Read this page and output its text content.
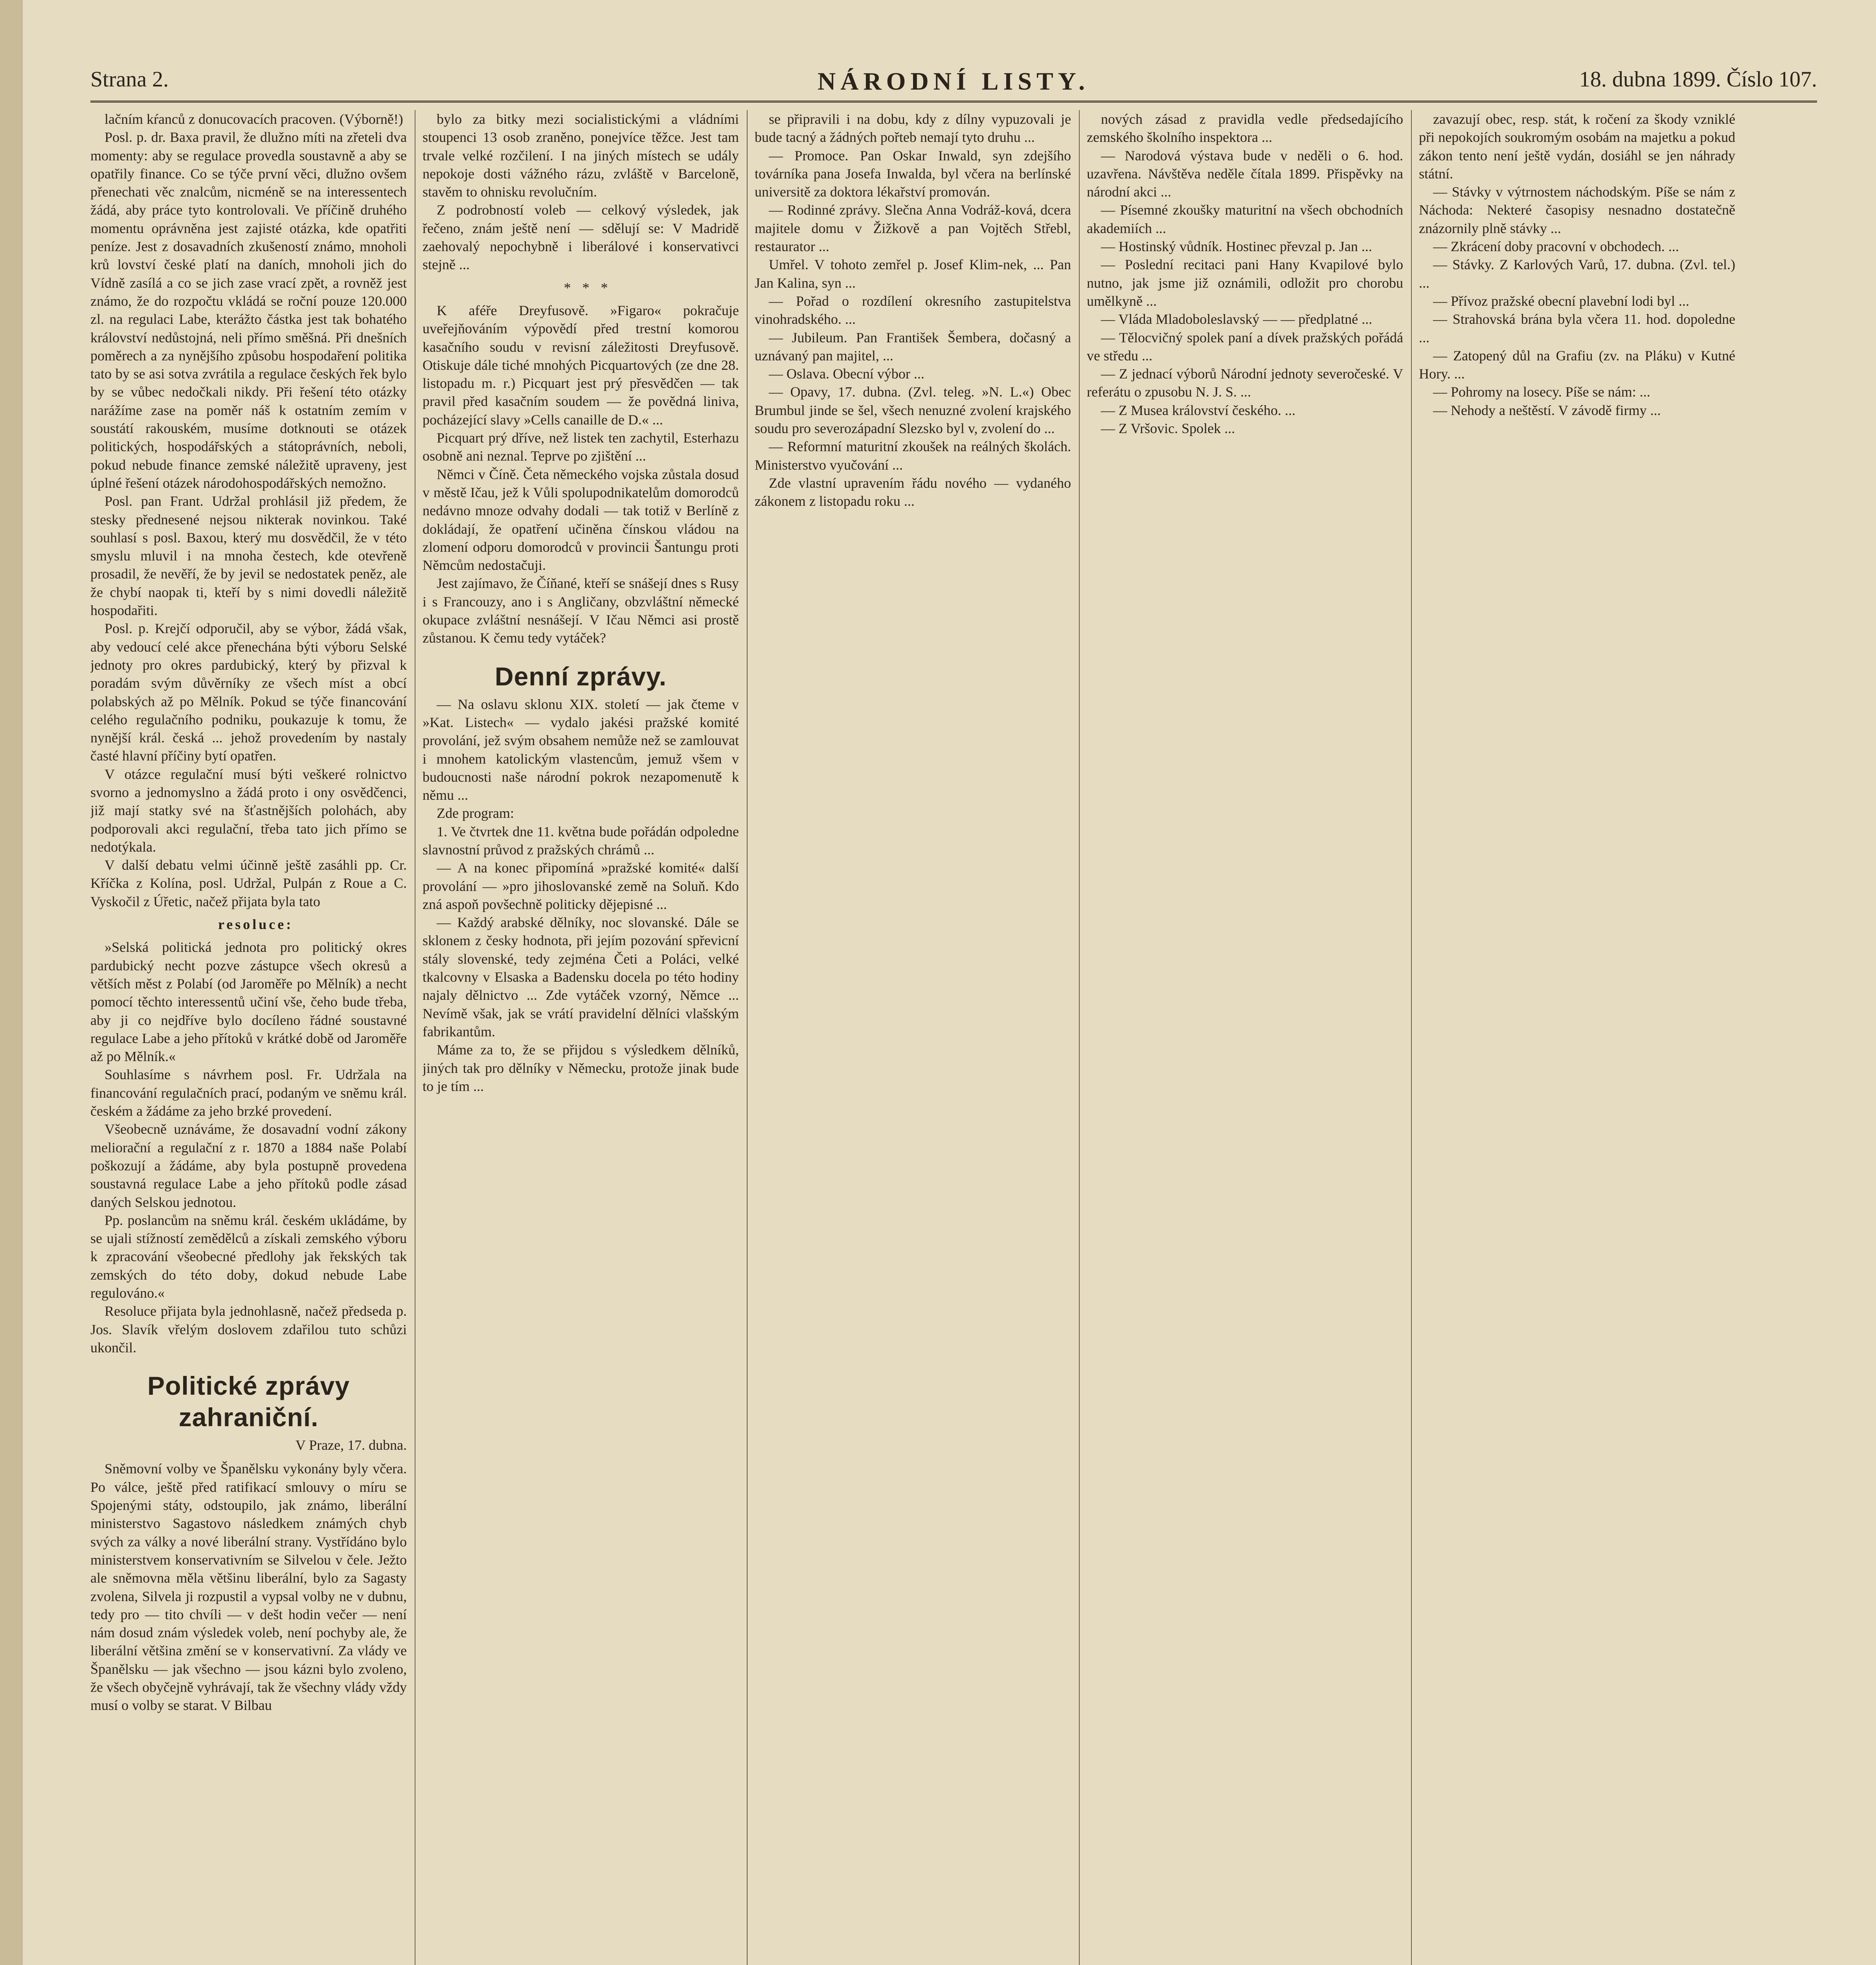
Strana 2.	NÁRODNÍ LISTY.	18. dubna 1899. Číslo 107.

lačním kŕanců z donucovacích pracoven. (Výborně!)

Posl. p. dr. Baxa pravil, že dlužno míti na zřeteli dva momenty: aby se regulace provedla soustavně a aby se opatřily finance. Co se týče první věci, dlužno ovšem přenechati věc znalcům, nicméně se na interessentech žádá, aby práce tyto kontrolovali. Ve příčině druhého momentu oprávněna jest zajisté otázka, kde opatřiti peníze. Jest z dosavadních zkušeností známo, mnoholi krů lovství české platí na daních, mnoholi jich do Vídně zasílá a co se jich zase vrací zpět, a rovněž jest známo, že do rozpočtu vkládá se roční pouze 120.000 zl. na regulaci Labe, kterážto částka jest tak bohatého království nedůstojná, neli přímo směšná. Při dnešních poměrech a za nynějšího způsobu hospodaření politika tato by se asi sotva zvrátila a regulace českých řek bylo by se vůbec nedočkali nikdy. Při řešení této otázky narážíme zase na poměr náš k ostatním zemím v soustátí rakouském, musíme dotknouti se otázek politických, hospodářských a státoprávních, neboli, pokud nebude finance zemské náležitě upraveny, jest úplné řešení otázek národohospodářských nemožno.

Posl. pan Frant. Udržal prohlásil již předem, že stesky přednesené nejsou nikterak novinkou. Také souhlasí s posl. Baxou, který mu dosvědčil, že v této smyslu mluvil i na mnoha čestech, kde otevřeně prosadil, že nevěří, že by jevil se nedostatek peněz, ale že chybí naopak ti, kteří by s nimi dovedli náležitě hospodařiti.

Posl. p. Krejčí odporučil, aby se výbor, žádá však, aby vedoucí celé akce přenechána býti výboru Selské jednoty pro okres pardubický, který by přizval k poradám svým důvěrníky ze všech míst a obcí polabských až po Mělník. Pokud se týče financování celého regulačního podniku, poukazuje k tomu, že nynější král. česká ... jehož provedením by nastaly časté hlavní příčiny bytí opatřen.

V otázce regulační musí býti veškeré rolnictvo svorno a jednomyslno a žádá proto i ony osvědčenci, již mají statky své na šťastnějších polohách, aby podporovali akci regulační, třeba tato jich přímo se nedotýkala.

V další debatu velmi účinně ještě zasáhli pp. Cr. Kříčka z Kolína, posl. Udržal, Pulpán z Roue a C. Vyskočil z Úřetic, načež přijata byla tato

resoluce:

»Selská politická jednota pro politický okres pardubický necht pozve zástupce všech okresů a větších měst z Polabí (od Jaroměře po Mělník) a necht pomocí těchto interessentů učiní vše, čeho bude třeba, aby ji co nejdříve bylo docíleno řádné soustavné regulace Labe a jeho přítoků v krátké době od Jaroměře až po Mělník.«

Souhlasíme s návrhem posl. Fr. Udržala na financování regulačních prací, podaným ve sněmu král. českém a žádáme za jeho brzké provedení.

Všeobecně uznáváme, že dosavadní vodní zákony meliorační a regulační z r. 1870 a 1884 naše Polabí poškozují a žádáme, aby byla postupně provedena soustavná regulace Labe a jeho přítoků podle zásad daných Selskou jednotou.

Pp. poslancům na sněmu král. českém ukládáme, by se ujali stížností zemědělců a získali zemského výboru k zpracování všeobecné předlohy jak řekských tak zemských do této doby, dokud nebude Labe regulováno.«

Resoluce přijata byla jednohlasně, načež předseda p. Jos. Slavík vřelým doslovem zdařilou tuto schůzi ukončil.

Politické zprávy zahraniční.

V Praze, 17. dubna.

Sněmovní volby ve Španělsku vykonány byly včera. Po válce, ještě před ratifikací smlouvy o míru se Spojenými státy, odstoupilo, jak známo, liberální ministerstvo Sagastovo následkem známých chyb svých za války a nové liberální strany. Vystřídáno bylo ministerstvem konservativním se Silvelou v čele. Ježto ale sněmovna měla většinu liberální, bylo za Sagasty zvolena, Silvela ji rozpustil a vypsal volby ne v dubnu, tedy pro — tito chvíli — v dešt hodin večer — není nám dosud znám výsledek voleb, není pochyby ale, že liberální většina změní se v konservativní. Za vlády ve Španělsku — jak všechno — jsou kázni bylo zvoleno, že všech obyčejně vyhrávají, tak že všechny vlády vždy musí o volby se starat. V Bilbau

bylo za bitky mezi socialistickými a vládními stoupenci 13 osob zraněno, ponejvíce těžce. Jest tam trvale velké rozčilení. I na jiných místech se udály nepokoje dosti vážného rázu, zvláště v Barceloně, stavěm to ohnisku revolučním.

Z podrobností voleb — celkový výsledek, jak řečeno, znám ještě není — sdělují se: V Madridě zaehovalý nepochybně i liberálové i konservativci stejně ...

* * *

K aféře Dreyfusově. »Figaro« pokračuje uveřejňováním výpovědí před trestní komorou kasačního soudu v revisní záležitosti Dreyfusově. Otiskuje dále tiché mnohých Picquartových (ze dne 28. listopadu m. r.) Picquart jest prý přesvědčen — tak pravil před kasačním soudem — že povědná liniva, pocházející slavy »Cells canaille de D.« ...

Picquart prý dříve, než listek ten zachytil, Esterhazu osobně ani neznal. Teprve po zjištění ...

Němci v Číně. Četa německého vojska zůstala dosud v městě Ičau, jež k Vůli spolupodnikatelům domorodců nedávno mnoze odvahy dodali — tak totiž v Berlíně z dokládají, že opatření učiněna čínskou vládou na zlomení odporu domorodců v provincii Šantungu proti Němcům nedostačuji.

Jest zajímavo, že Číňané, kteří se snášejí dnes s Rusy i s Francouzy, ano i s Angličany, obzvláštní německé okupace zvláštní nesnášejí. V Ičau Němci asi prostě zůstanou. K čemu tedy vytáček?

Denní zprávy.

— Na oslavu sklonu XIX. století — jak čteme v »Kat. Listech« — vydalo jakési pražské komité provolání, jež svým obsahem nemůže než se zamlouvat i mnohem katolickým vlastencům, jemuž všem v budoucnosti naše národní pokrok nezapomenutě k němu ...

Zde program:

1. Ve čtvrtek dne 11. května bude pořádán odpoledne slavnostní průvod z pražských chrámů ...

— A na konec připomíná »pražské komité« další provolání — »pro jihoslovanské země na Soluň. Kdo zná aspoň povšechně politicky dějepisné ...

— Každý arabské dělníky, noc slovanské. Dále se sklonem z česky hodnota, při jejím pozování spřevicní stály slovenské, tedy zejména Četi a Poláci, velké tkalcovny v Elsaska a Badensku docela po této hodiny najaly dělnictvo ... Zde vytáček vzorný, Němce ... Nevímě však, jak se vrátí pravidelní dělníci vlašským fabrikantům.

Máme za to, že se přijdou s výsledkem dělníků, jiných tak pro dělníky v Německu, protože jinak bude to je tím ...

se připravili i na dobu, kdy z dílny vypuzovali je bude tacný a žádných pořteb nemají tyto druhu ...

— Promoce. Pan Oskar Inwald, syn zdejšího továrníka pana Josefa Inwalda, byl včera na berlínské universitě za doktora lékařství promován.

— Rodinné zprávy. Slečna Anna Vodráž-ková, dcera majitele domu v Žižkově a pan Vojtěch Střebl, restaurator ...

Umřel. V tohoto zemřel p. Josef Klim-nek, ... Pan Jan Kalina, syn ...

— Pořad o rozdílení okresního zastupitelstva vinohradského. ...

— Jubileum. Pan František Šembera, dočasný a uznávaný pan majitel, ...

— Oslava. Obecní výbor ...

— Opavy, 17. dubna. (Zvl. teleg. »N. L.«) Obec Brumbul jinde se šel, všech nenuzné zvolení krajského soudu pro severozápadní Slezsko byl v, zvolení do ...

— Reformní maturitní zkoušek na reálných školách. Ministerstvo vyučování ...

Zde vlastní upravením řádu nového — vydaného zákonem z listopadu roku ...

nových zásad z pravidla vedle předsedajícího zemského školního inspektora ...

— Narodová výstava bude v neděli o 6. hod. uzavřena. Návštěva neděle čítala 1899. Přispěvky na národní akci ...

— Písemné zkoušky maturitní na všech obchodních akademiích ...

— Hostinský vůdník. Hostinec převzal p. Jan ...

— Poslední recitaci pani Hany Kvapilové bylo nutno, jak jsme již oznámili, odložit pro chorobu umělkyně ...

— Vláda Mladoboleslavský — — předplatné ...

— Tělocvičný spolek paní a dívek pražských pořádá ve středu ...

— Z jednací výborů Národní jednoty severočeské. V referátu o zpusobu N. J. S. ...

— Z Musea království českého. ...

— Z Vršovic. Spolek ...

zavazují obec, resp. stát, k ročení za škody vzniklé při nepokojích soukromým osobám na majetku a pokud zákon tento není ještě vydán, dosiáhl se jen náhrady státní.

— Stávky v výtrnostem náchodským. Píše se nám z Náchoda: Nekteré časopisy nesnadno dostatečně znázornily plně stávky ...

— Zkrácení doby pracovní v obchodech. ...

— Stávky. Z Karlových Varů, 17. dubna. (Zvl. tel.) ...

— Přívoz pražské obecní plavební lodi byl ...

— Strahovská brána byla včera 11. hod. dopoledne ...

— Zatopený důl na Grafiu (zv. na Pláku) v Kutné Hory. ...

— Pohromy na losecy. Píše se nám: ...

— Nehody a neštěstí. V závodě firmy ...
